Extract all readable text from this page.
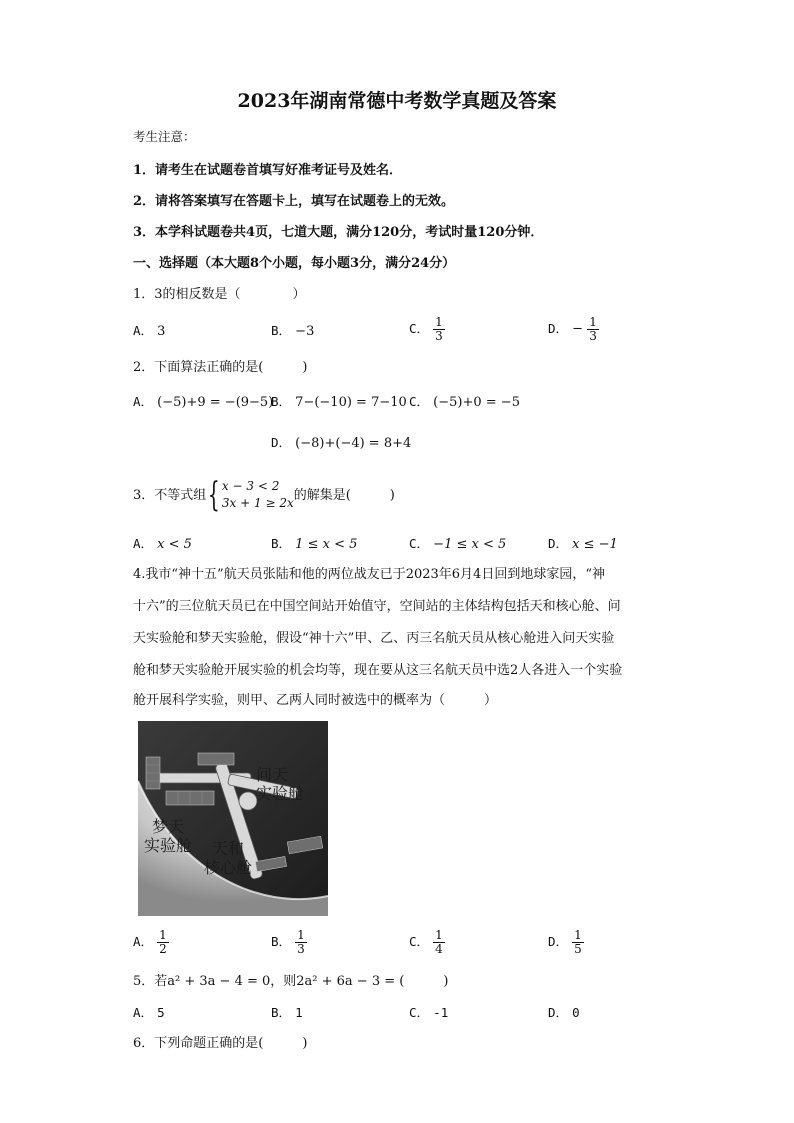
2023年湖南常德中考数学真题及答案
考生注意：
1．请考生在试题卷首填写好准考证号及姓名．
2．请将答案填写在答题卡上，填写在试题卷上的无效。
3．本学科试题卷共4页，七道大题，满分120分，考试时量120分钟．
一、选择题（本大题8个小题，每小题3分，满分24分）
1．3的相反数是（　　　　）
A． 3	B． −3	C． $\frac{1}{3}$	D． − $\frac{1}{3}$
2．下面算法正确的是(　　　)
A． (−5)+9 = −(9−5)
B． 7−(−10) = 7−10 C． (−5)+0 = −5
D． (−8)+(−4) = 8+4
3．不等式组{ x − 3 < 2
3x + 1 ≥ 2x
的解集是(　　　)
A． x < 5	B． 1 ≤ x < 5	C． −1 ≤ x < 5	D． x ≤ −1
4.我市“神十五”航天员张陆和他的两位战友已于2023年6月4日回到地球家园，“神
十六”的三位航天员已在中国空间站开始值守，空间站的主体结构包括天和核心舱、问
天实验舱和梦天实验舱，假设“神十六”甲、乙、丙三名航天员从核心舱进入问天实验
舱和梦天实验舱开展实验的机会均等，现在要从这三名航天员中选2人各进入一个实验
舱开展科学实验，则甲、乙两人同时被选中的概率为（　　　）
问天
实验舱
梦天
实验舱	天和
核心舱
A． $\frac{1}{2}$	B． $\frac{1}{3}$	C． $\frac{1}{4}$	D． $\frac{1}{5}$
5．若a² + 3a − 4 = 0，则2a² + 6a − 3 = (　　　)
A． 5	B． 1	C． -1	D． 0
6．下列命题正确的是(　　　)
